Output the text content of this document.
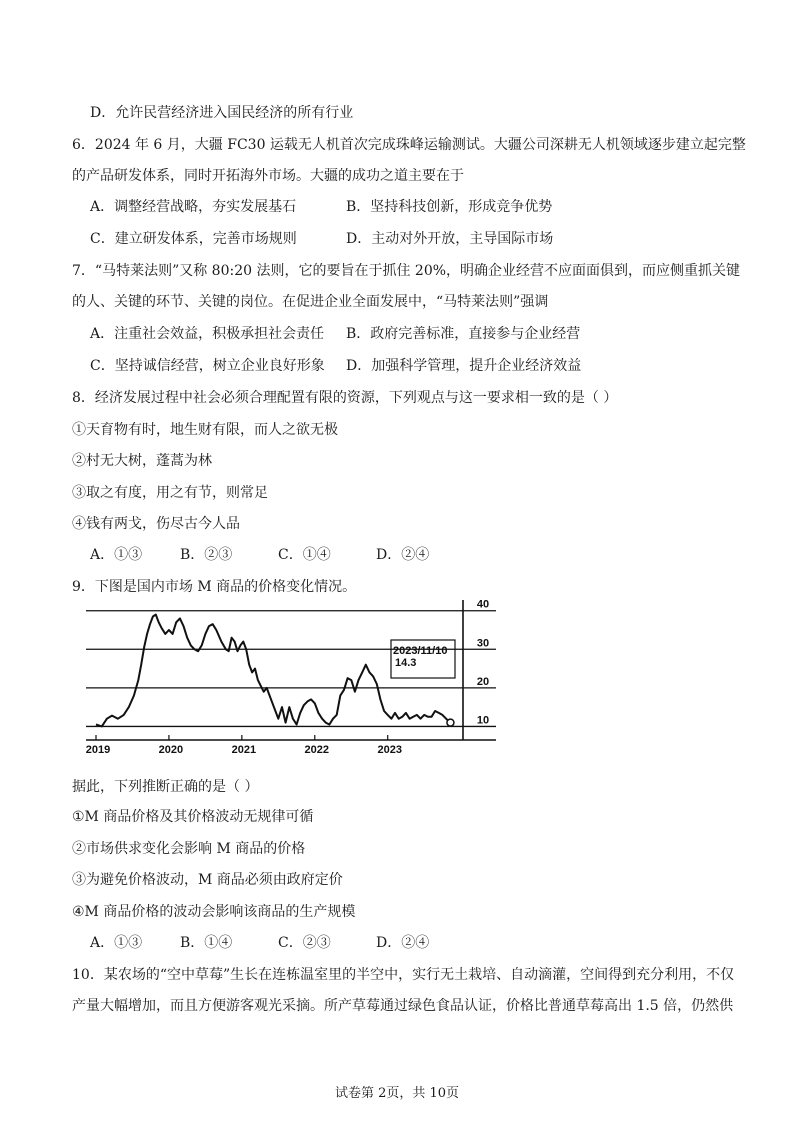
D．允许民营经济进入国民经济的所有行业
6．2024 年 6 月，大疆 FC30 运载无人机首次完成珠峰运输测试。大疆公司深耕无人机领域逐步建立起完整
的产品研发体系，同时开拓海外市场。大疆的成功之道主要在于
A．调整经营战略，夯实发展基石	B．坚持科技创新，形成竞争优势
C．建立研发体系，完善市场规则	D．主动对外开放，主导国际市场
7．“马特莱法则”又称 80:20 法则，它的要旨在于抓住 20%，明确企业经营不应面面俱到，而应侧重抓关键
的人、关键的环节、关键的岗位。在促进企业全面发展中，“马特莱法则”强调
A．注重社会效益，积极承担社会责任 B．政府完善标准，直接参与企业经营
C．坚持诚信经营，树立企业良好形象 D．加强科学管理，提升企业经济效益
8．经济发展过程中社会必须合理配置有限的资源，下列观点与这一要求相一致的是（ ）
①天育物有时，地生财有限，而人之欲无极
②村无大树，蓬蒿为林
③取之有度，用之有节，则常足
④钱有两戈，伤尽古今人品
A．①③	B．②③	C．①④	D．②④
9．下图是国内市场 M 商品的价格变化情况。
10
20
30
40
2019	2020	2021	2022	2023
2023/11/10
14.3
据此，下列推断正确的是（ ）
①M 商品价格及其价格波动无规律可循
②市场供求变化会影响 M 商品的价格
③为避免价格波动，M 商品必须由政府定价
④M 商品价格的波动会影响该商品的生产规模
A．①③	B．①④	C．②③	D．②④
10．某农场的“空中草莓”生长在连栋温室里的半空中，实行无土栽培、自动滴灌，空间得到充分利用，不仅
产量大幅增加，而且方便游客观光采摘。所产草莓通过绿色食品认证，价格比普通草莓高出 1.5 倍，仍然供
试卷第 2页，共 10页
